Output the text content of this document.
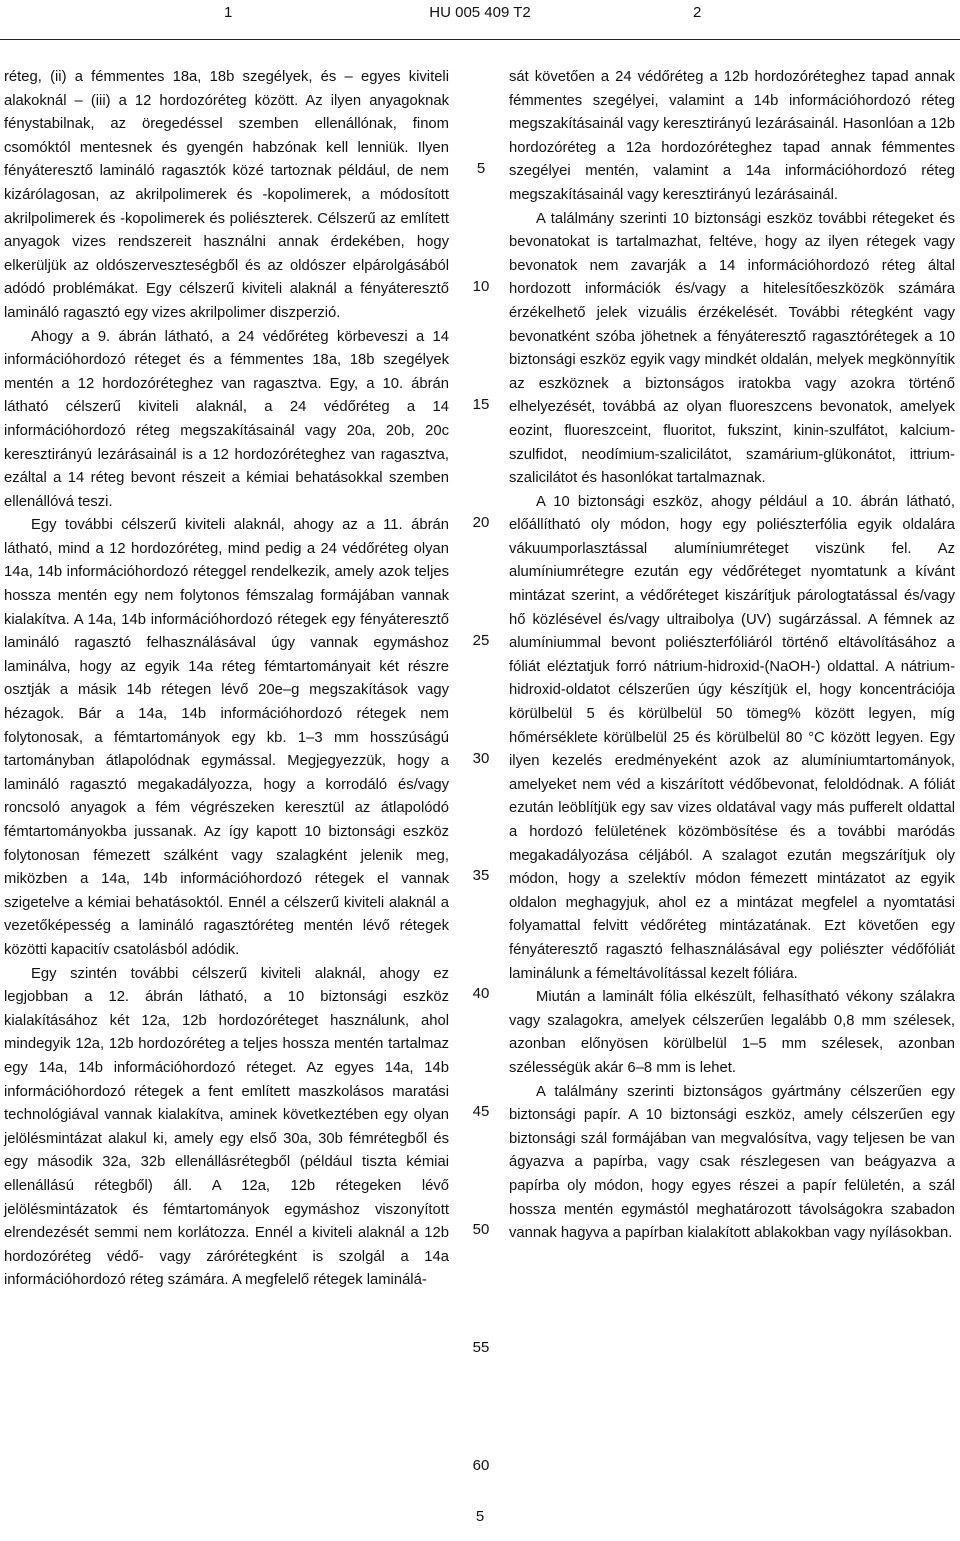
1	HU 005 409 T2	2

réteg, (ii) a fémmentes 18a, 18b szegélyek, és – egyes kiviteli alakoknál – (iii) a 12 hordozóréteg között. Az ilyen anyagoknak fénystabilnak, az öregedéssel szemben ellenállónak, finom csomóktól mentesnek és gyengén habzónak kell lenniük. Ilyen fényáteresztő lamináló ragasztók közé tartoznak például, de nem kizárólagosan, az akrilpolimerek és -kopolimerek, a módosított akrilpolimerek és -kopolimerek és poliészterek. Célszerű az említett anyagok vizes rendszereit használni annak érdekében, hogy elkerüljük az oldószerveszteségből és az oldószer elpárolgásából adódó problémákat. Egy célszerű kiviteli alaknál a fényáteresztő lamináló ragasztó egy vizes akrilpolimer diszperzió.

Ahogy a 9. ábrán látható, a 24 védőréteg körbeveszi a 14 információhordozó réteget és a fémmentes 18a, 18b szegélyek mentén a 12 hordozóréteghez van ragasztva. Egy, a 10. ábrán látható célszerű kiviteli alaknál, a 24 védőréteg a 14 információhordozó réteg megszakításainál vagy 20a, 20b, 20c keresztirányú lezárásainál is a 12 hordozóréteghez van ragasztva, ezáltal a 14 réteg bevont részeit a kémiai behatásokkal szemben ellenállóvá teszi.

Egy további célszerű kiviteli alaknál, ahogy az a 11. ábrán látható, mind a 12 hordozóréteg, mind pedig a 24 védőréteg olyan 14a, 14b információhordozó réteggel rendelkezik, amely azok teljes hossza mentén egy nem folytonos fémszalag formájában vannak kialakítva. A 14a, 14b információhordozó rétegek egy fényáteresztő lamináló ragasztó felhasználásával úgy vannak egymáshoz laminálva, hogy az egyik 14a réteg fémtartományait két részre osztják a másik 14b rétegen lévő 20e–g megszakítások vagy hézagok. Bár a 14a, 14b információhordozó rétegek nem folytonosak, a fémtartományok egy kb. 1–3 mm hosszúságú tartományban átlapolódnak egymással. Megjegyezzük, hogy a lamináló ragasztó megakadályozza, hogy a korrodáló és/vagy roncsoló anyagok a fém végrészeken keresztül az átlapolódó fémtartományokba jussanak. Az így kapott 10 biztonsági eszköz folytonosan fémezett szálként vagy szalagként jelenik meg, miközben a 14a, 14b információhordozó rétegek el vannak szigetelve a kémiai behatásoktól. Ennél a célszerű kiviteli alaknál a vezetőképesség a lamináló ragasztóréteg mentén lévő rétegek közötti kapacitív csatolásból adódik.

Egy szintén további célszerű kiviteli alaknál, ahogy ez legjobban a 12. ábrán látható, a 10 biztonsági eszköz kialakításához két 12a, 12b hordozóréteget használunk, ahol mindegyik 12a, 12b hordozóréteg a teljes hossza mentén tartalmaz egy 14a, 14b információhordozó réteget. Az egyes 14a, 14b információhordozó rétegek a fent említett maszkolásos maratási technológiával vannak kialakítva, aminek következtében egy olyan jelölésmintázat alakul ki, amely egy első 30a, 30b fémrétegből és egy második 32a, 32b ellenállásrétegből (például tiszta kémiai ellenállású rétegből) áll. A 12a, 12b rétegeken lévő jelölésmintázatok és fémtartományok egymáshoz viszonyított elrendezését semmi nem korlátozza. Ennél a kiviteli alaknál a 12b hordozóréteg védő- vagy zárórétegként is szolgál a 14a információhordozó réteg számára. A megfelelő rétegek laminálá-

5
10
15
20
25
30
35
40
45
50
55
60

sát követően a 24 védőréteg a 12b hordozóréteghez tapad annak fémmentes szegélyei, valamint a 14b információhordozó réteg megszakításainál vagy keresztirányú lezárásainál. Hasonlóan a 12b hordozóréteg a 12a hordozóréteghez tapad annak fémmentes szegélyei mentén, valamint a 14a információhordozó réteg megszakításainál vagy keresztirányú lezárásainál.

A találmány szerinti 10 biztonsági eszköz további rétegeket és bevonatokat is tartalmazhat, feltéve, hogy az ilyen rétegek vagy bevonatok nem zavarják a 14 információhordozó réteg által hordozott információk és/vagy a hitelesítőeszközök számára érzékelhető jelek vizuális érzékelését. További rétegként vagy bevonatként szóba jöhetnek a fényáteresztő ragasztórétegek a 10 biztonsági eszköz egyik vagy mindkét oldalán, melyek megkönnyítik az eszköznek a biztonságos iratokba vagy azokra történő elhelyezését, továbbá az olyan fluoreszcens bevonatok, amelyek eozint, fluoreszceint, fluoritot, fukszint, kinin-szulfátot, kalcium-szulfidot, neodímium-szalicilátot, szamárium-glükonátot, ittrium-szalicilátot és hasonlókat tartalmaznak.

A 10 biztonsági eszköz, ahogy például a 10. ábrán látható, előállítható oly módon, hogy egy poliészterfólia egyik oldalára vákuumporlasztással alumíniumréteget viszünk fel. Az alumíniumrétegre ezután egy védőréteget nyomtatunk a kívánt mintázat szerint, a védőréteget kiszárítjuk párologtatással és/vagy hő közlésével és/vagy ultraibolya (UV) sugárzással. A fémnek az alumíniummal bevont poliészterfóliáról történő eltávolításához a fóliát eléztatjuk forró nátrium-hidroxid-(NaOH-) oldattal. A nátrium-hidroxid-oldatot célszerűen úgy készítjük el, hogy koncentrációja körülbelül 5 és körülbelül 50 tömeg% között legyen, míg hőmérséklete körülbelül 25 és körülbelül 80 °C között legyen. Egy ilyen kezelés eredményeként azok az alumíniumtartományok, amelyeket nem véd a kiszárított védőbevonat, feloldódnak. A fóliát ezután leöblítjük egy sav vizes oldatával vagy más pufferelt oldattal a hordozó felületének közömbösítése és a további maródás megakadályozása céljából. A szalagot ezután megszárítjuk oly módon, hogy a szelektív módon fémezett mintázatot az egyik oldalon meghagyjuk, ahol ez a mintázat megfelel a nyomtatási folyamattal felvitt védőréteg mintázatának. Ezt követően egy fényáteresztő ragasztó felhasználásával egy poliészter védőfóliát laminálunk a fémeltávolítással kezelt fóliára.

Miután a laminált fólia elkészült, felhasítható vékony szálakra vagy szalagokra, amelyek célszerűen legalább 0,8 mm szélesek, azonban előnyösen körülbelül 1–5 mm szélesek, azonban szélességük akár 6–8 mm is lehet.

A találmány szerinti biztonságos gyártmány célszerűen egy biztonsági papír. A 10 biztonsági eszköz, amely célszerűen egy biztonsági szál formájában van megvalósítva, vagy teljesen be van ágyazva a papírba, vagy csak részlegesen van beágyazva a papírba oly módon, hogy egyes részei a papír felületén, a szál hossza mentén egymástól meghatározott távolságokra szabadon vannak hagyva a papírban kialakított ablakokban vagy nyílásokban.

5
